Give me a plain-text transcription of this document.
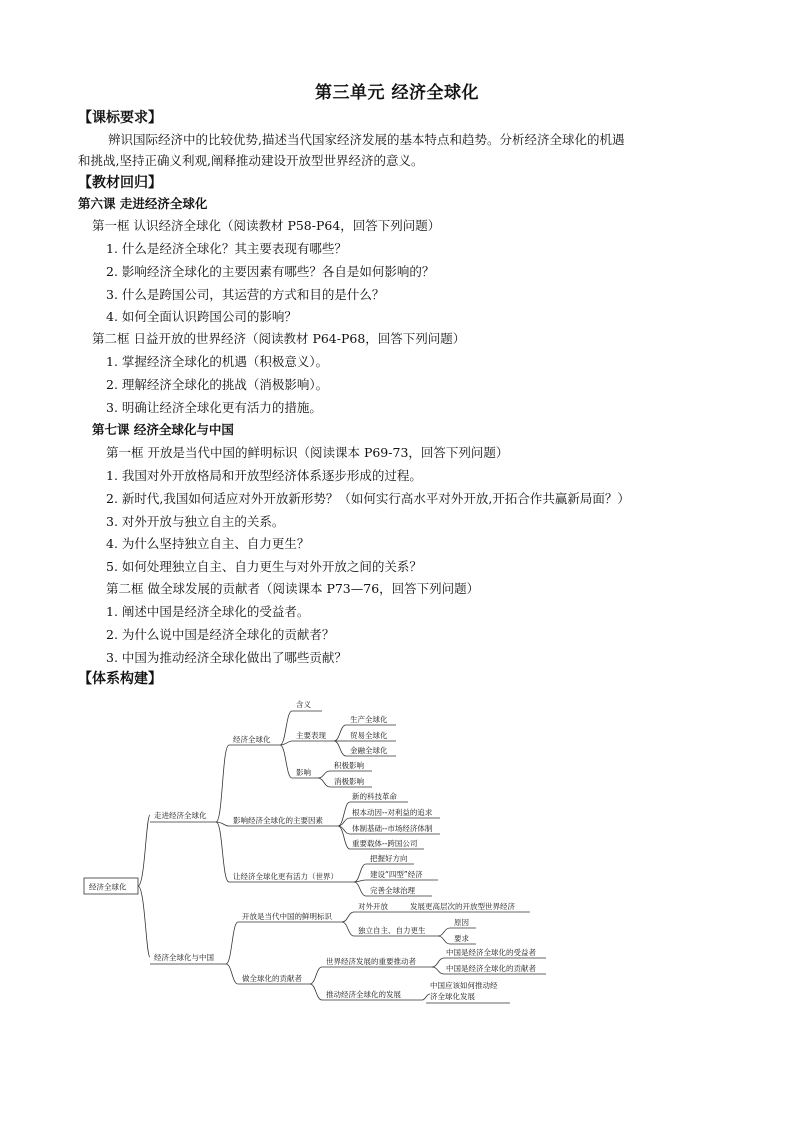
第三单元 经济全球化
【课标要求】
辨识国际经济中的比较优势,描述当代国家经济发展的基本特点和趋势。分析经济全球化的机遇
和挑战,坚持正确义利观,阐释推动建设开放型世界经济的意义。
【教材回归】
第六课 走进经济全球化
第一框 认识经济全球化（阅读教材 P58-P64，回答下列问题）
1. 什么是经济全球化？其主要表现有哪些？
2. 影响经济全球化的主要因素有哪些？各自是如何影响的？
3. 什么是跨国公司，其运营的方式和目的是什么？
4. 如何全面认识跨国公司的影响？
第二框 日益开放的世界经济（阅读教材 P64-P68，回答下列问题）
1. 掌握经济全球化的机遇（积极意义）。
2. 理解经济全球化的挑战（消极影响）。
3. 明确让经济全球化更有活力的措施。
第七课 经济全球化与中国
第一框 开放是当代中国的鲜明标识（阅读课本 P69-73，回答下列问题）
1. 我国对外开放格局和开放型经济体系逐步形成的过程。
2. 新时代,我国如何适应对外开放新形势？（如何实行高水平对外开放,开拓合作共赢新局面？）
3. 对外开放与独立自主的关系。
4. 为什么坚持独立自主、自力更生？
5. 如何处理独立自主、自力更生与对外开放之间的关系？
第二框 做全球发展的贡献者（阅读课本 P73—76，回答下列问题）
1. 阐述中国是经济全球化的受益者。
2. 为什么说中国是经济全球化的贡献者？
3. 中国为推动经济全球化做出了哪些贡献？
【体系构建】
经济全球化
走进经济全球化
经济全球化
含义
主要表现
生产全球化
贸易全球化
金融全球化
影响
积极影响
消极影响
影响经济全球化的主要因素
新的科技革命
根本动因--对利益的追求
体制基础--市场经济体制
重要载体--跨国公司
让经济全球化更有活力（世界）
把握好方向
建设“四型”经济
完善全球治理
经济全球化与中国
开放是当代中国的鲜明标识
对外开放	发展更高层次的开放型世界经济
独立自主、自力更生
原因
要求
做全球化的贡献者
世界经济发展的重要推动者
中国是经济全球化的受益者
中国是经济全球化的贡献者
推动经济全球化的发展
中国应该如何推动经
济全球化发展
